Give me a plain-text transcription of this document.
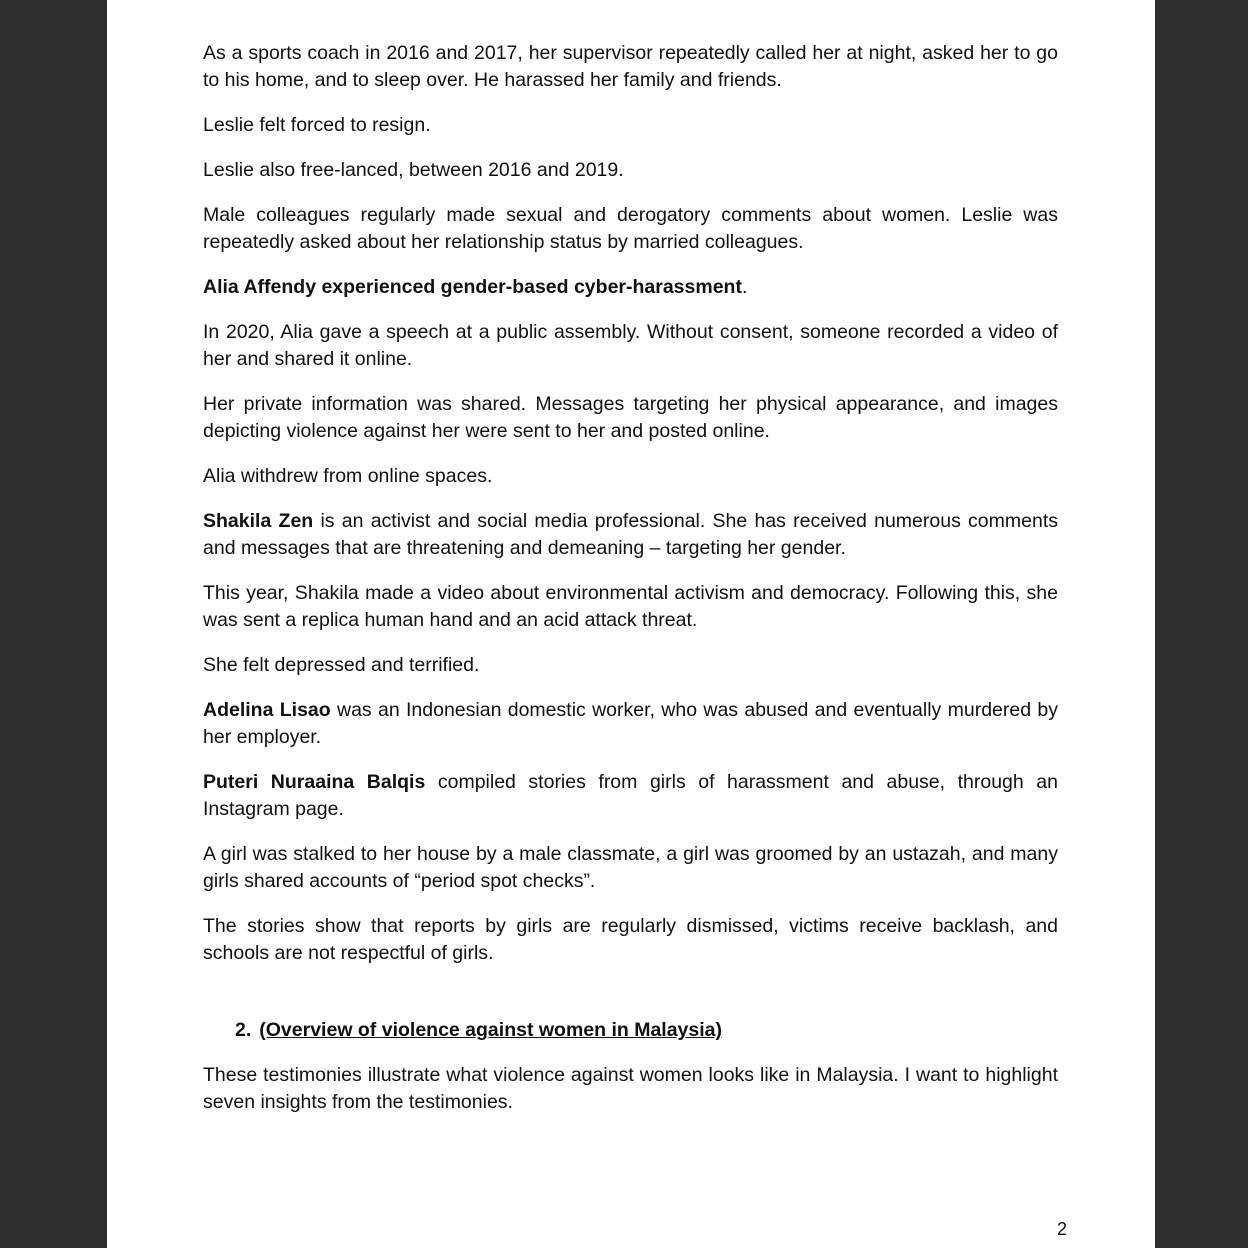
As a sports coach in 2016 and 2017, her supervisor repeatedly called her at night, asked her to go to his home, and to sleep over. He harassed her family and friends.

Leslie felt forced to resign.

Leslie also free-lanced, between 2016 and 2019.

Male colleagues regularly made sexual and derogatory comments about women. Leslie was repeatedly asked about her relationship status by married colleagues.

Alia Affendy experienced gender-based cyber-harassment.

In 2020, Alia gave a speech at a public assembly. Without consent, someone recorded a video of her and shared it online.

Her private information was shared. Messages targeting her physical appearance, and images depicting violence against her were sent to her and posted online.

Alia withdrew from online spaces.

Shakila Zen is an activist and social media professional. She has received numerous comments and messages that are threatening and demeaning – targeting her gender.

This year, Shakila made a video about environmental activism and democracy. Following this, she was sent a replica human hand and an acid attack threat.

She felt depressed and terrified.

Adelina Lisao was an Indonesian domestic worker, who was abused and eventually murdered by her employer.

Puteri Nuraaina Balqis compiled stories from girls of harassment and abuse, through an Instagram page.

A girl was stalked to her house by a male classmate, a girl was groomed by an ustazah, and many girls shared accounts of “period spot checks”.

The stories show that reports by girls are regularly dismissed, victims receive backlash, and schools are not respectful of girls.

2. (Overview of violence against women in Malaysia)

These testimonies illustrate what violence against women looks like in Malaysia. I want to highlight seven insights from the testimonies.

2
